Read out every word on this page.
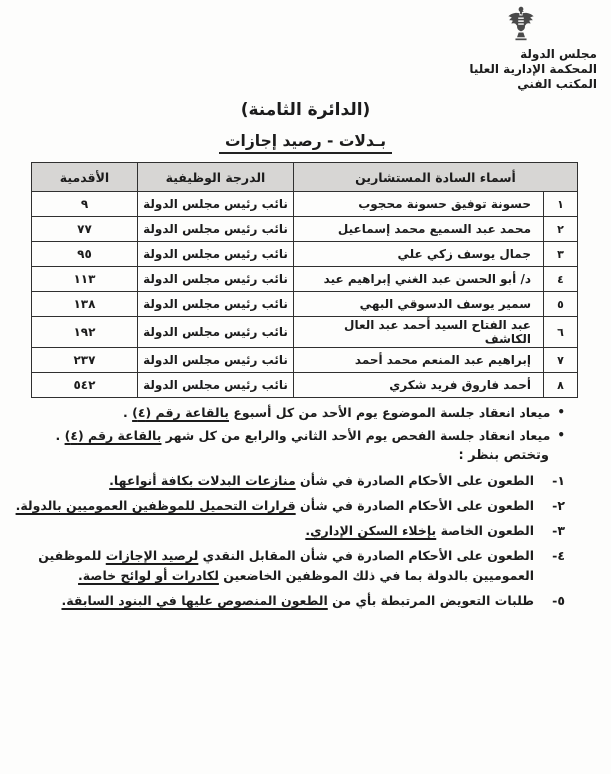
مجلس الدولة
المحكمة الإدارية العليا
المكتب الفني
(الدائرة الثامنة)
بـدلات - رصيد إجازات
أسماء السادة المستشارين		الدرجة الوظيفية	الأقدمية
١	حسونة توفيق حسونة محجوب	نائب رئيس مجلس الدولة	٩
٢	محمد عبد السميع محمد إسماعيل	نائب رئيس مجلس الدولة	٧٧
٣	جمال يوسف زكي علي	نائب رئيس مجلس الدولة	٩٥
٤	د/ أبو الحسن عبد الغني إبراهيم عيد	نائب رئيس مجلس الدولة	١١٣
٥	سمير يوسف الدسوقي البهي	نائب رئيس مجلس الدولة	١٣٨
٦	عبد الفتاح السيد أحمد عبد العال الكاشف	نائب رئيس مجلس الدولة	١٩٢
٧	إبراهيم عبد المنعم محمد أحمد	نائب رئيس مجلس الدولة	٢٣٧
٨	أحمد فاروق فريد شكري	نائب رئيس مجلس الدولة	٥٤٢
•
ميعاد انعقاد جلسة الموضوع يوم الأحد من كل أسبوع بالقاعة رقم (٤) .
•
ميعاد انعقاد جلسة الفحص يوم الأحد الثاني والرابع من كل شهر بالقاعة رقم (٤) .
وتختص بنظر :
١-
الطعون على الأحكام الصادرة في شأن منازعات البدلات بكافة أنواعها.
٢-
الطعون على الأحكام الصادرة في شأن قرارات التحميل للموظفين العموميين بالدولة.
٣-
الطعون الخاصة بإخلاء السكن الإداري.
٤-
الطعون على الأحكام الصادرة في شأن المقابل النقدي لرصيد الإجازات للموظفين العموميين بالدولة بما في ذلك الموظفين الخاضعين لكادرات أو لوائح خاصة.
٥-
طلبات التعويض المرتبطة بأي من الطعون المنصوص عليها في البنود السابقة.
